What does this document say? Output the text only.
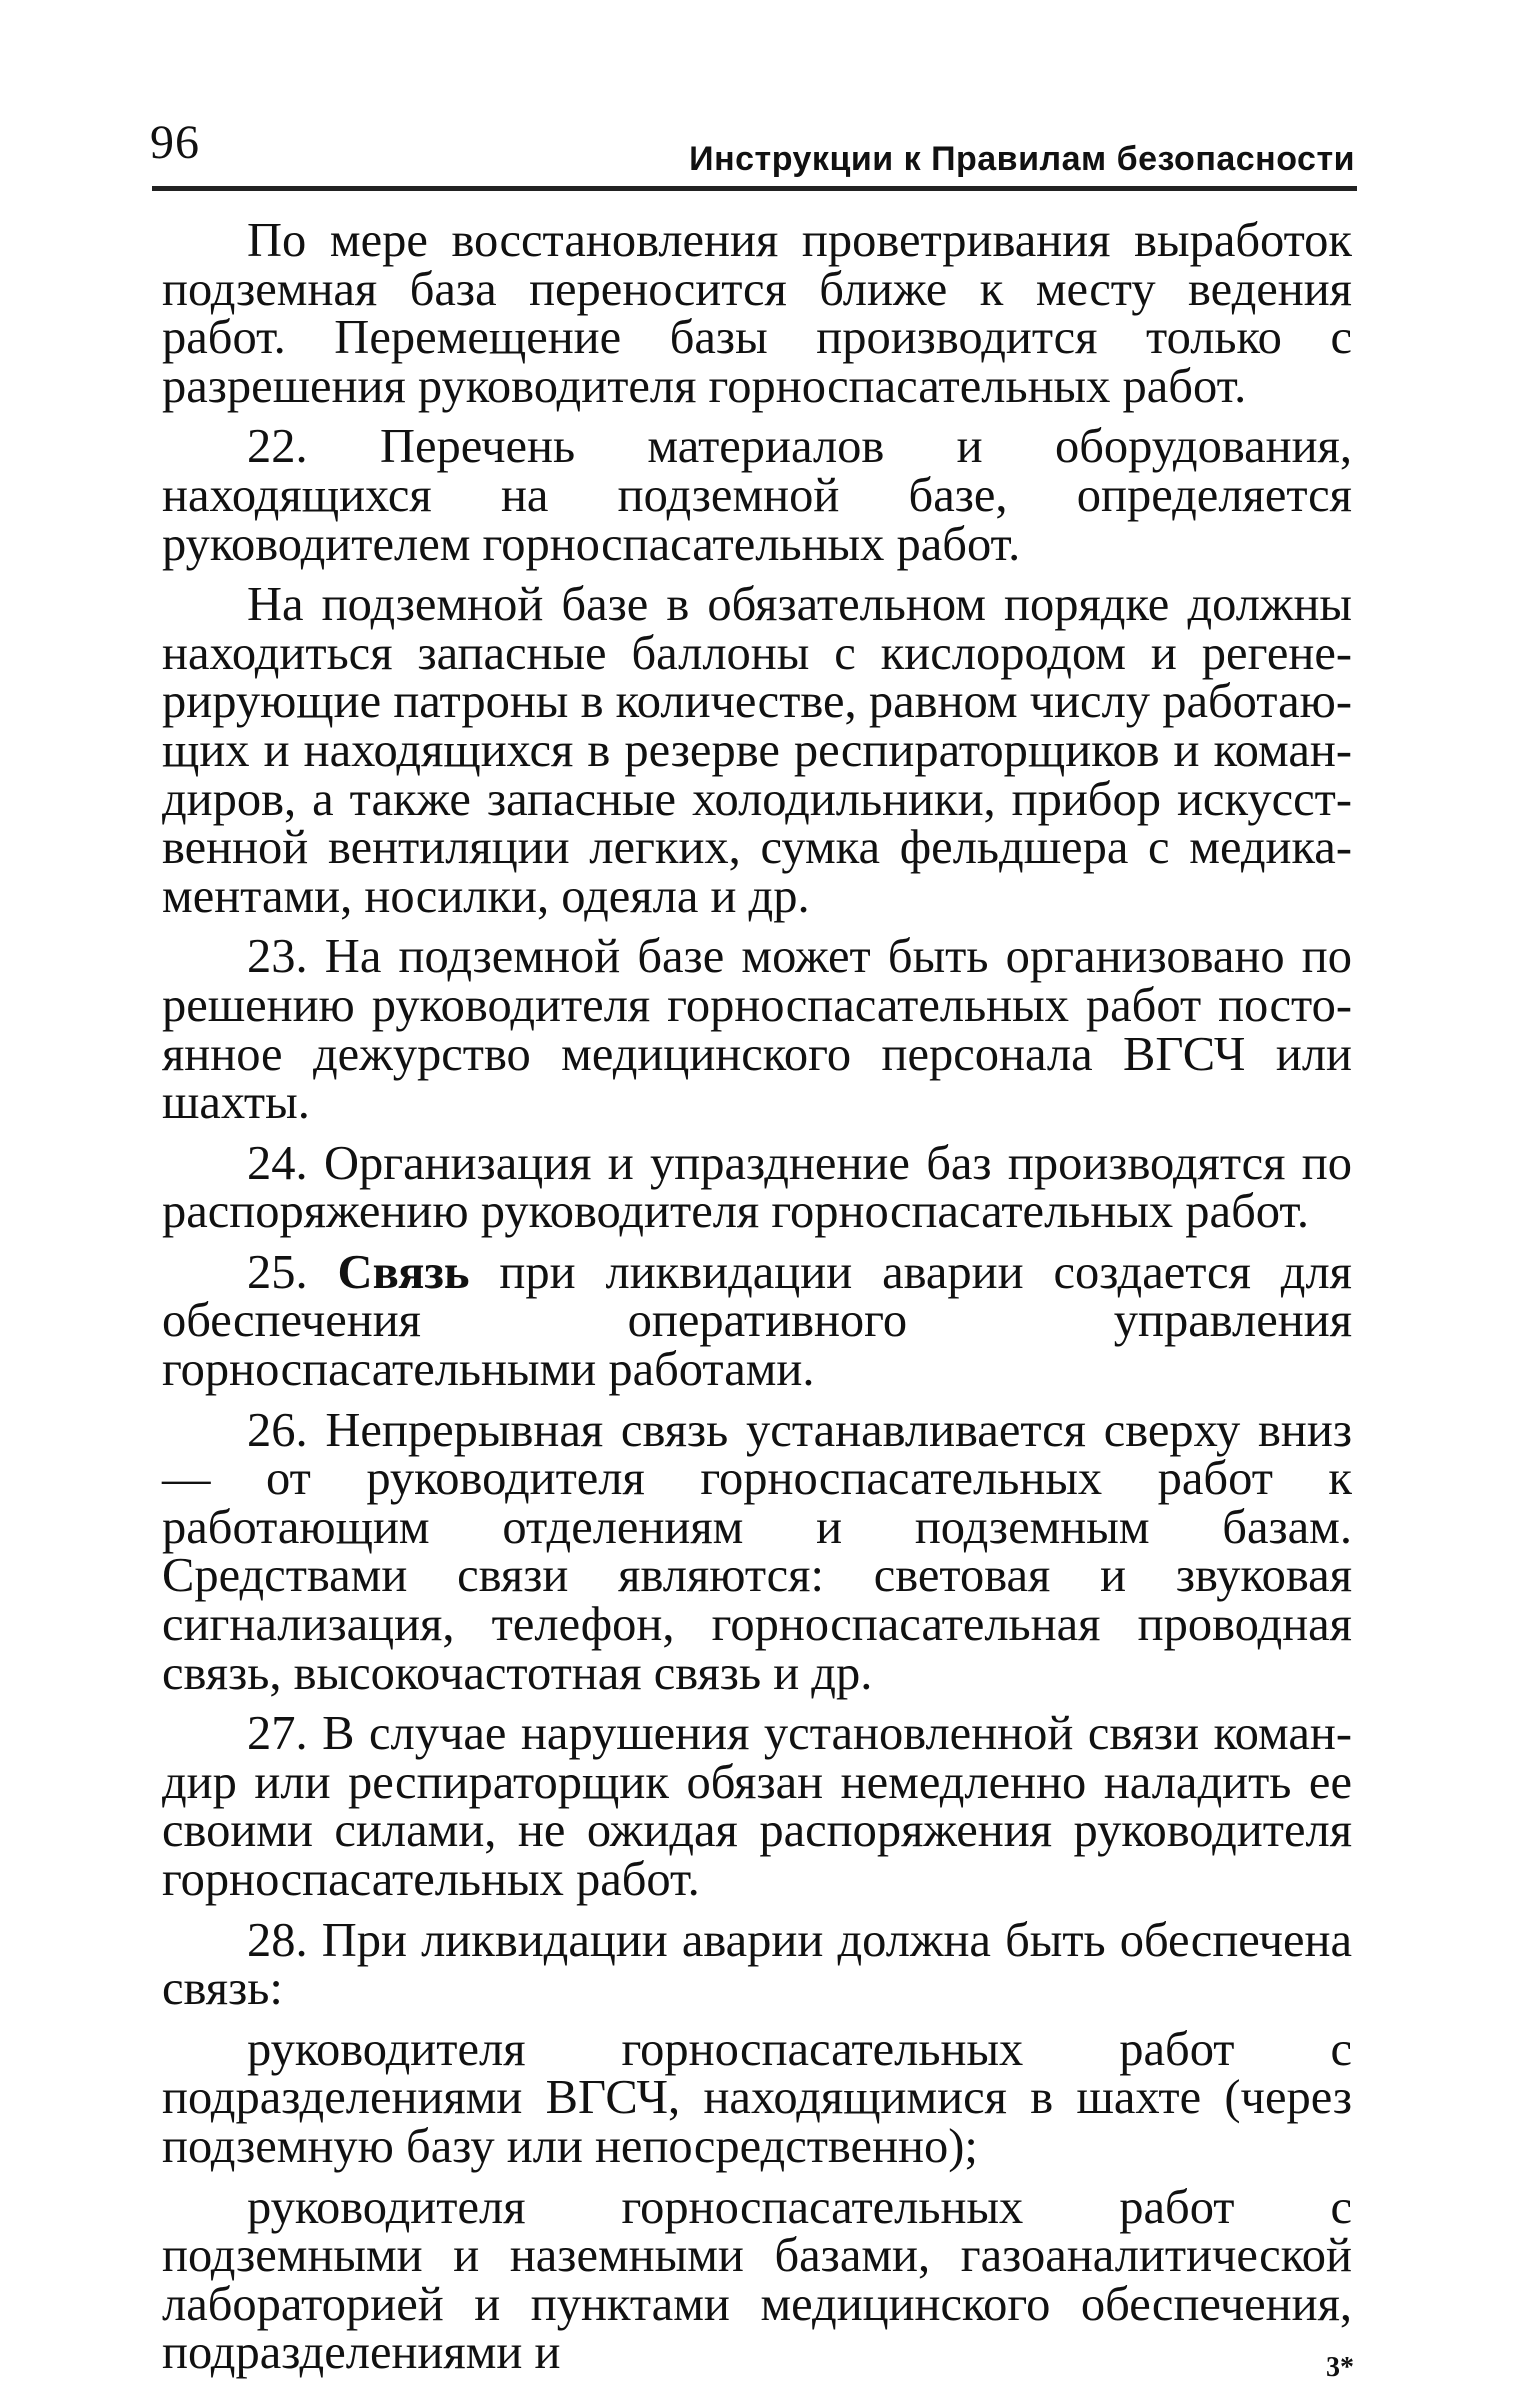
96	Инструкции к Правилам безопасности

По мере восстановления проветривания выработок подземная база переносится ближе к месту ведения работ. Перемещение базы производится только с разрешения руководителя горноспасательных работ.

22. Перечень материалов и оборудования, находящихся на подземной базе, определяется руководителем горноспасательных работ.

На подземной базе в обязательном порядке должны находиться запасные баллоны с кислородом и регенерирующие патроны в количестве, равном числу работающих и находящихся в резерве респираторщиков и командиров, а также запасные холодильники, прибор искусственной вентиляции легких, сумка фельдшера с медикаментами, носилки, одеяла и др.

23. На подземной базе может быть организовано по решению руководителя горноспасательных работ постоянное дежурство медицинского персонала ВГСЧ или шахты.

24. Организация и упразднение баз производятся по распоряжению руководителя горноспасательных работ.

25. Связь при ликвидации аварии создается для обеспечения оперативного управления горноспасательными работами.

26. Непрерывная связь устанавливается сверху вниз — от руководителя горноспасательных работ к работающим отделениям и подземным базам. Средствами связи являются: световая и звуковая сигнализация, телефон, горноспасательная проводная связь, высокочастотная связь и др.

27. В случае нарушения установленной связи командир или респираторщик обязан немедленно наладить ее своими силами, не ожидая распоряжения руководителя горноспасательных работ.

28. При ликвидации аварии должна быть обеспечена связь:

руководителя горноспасательных работ с подразделениями ВГСЧ, находящимися в шахте (через подземную базу или непосредственно);

руководителя горноспасательных работ с подземными и наземными базами, газоаналитической лабораторией и пунктами медицинского обеспечения, подразделениями и	3*
